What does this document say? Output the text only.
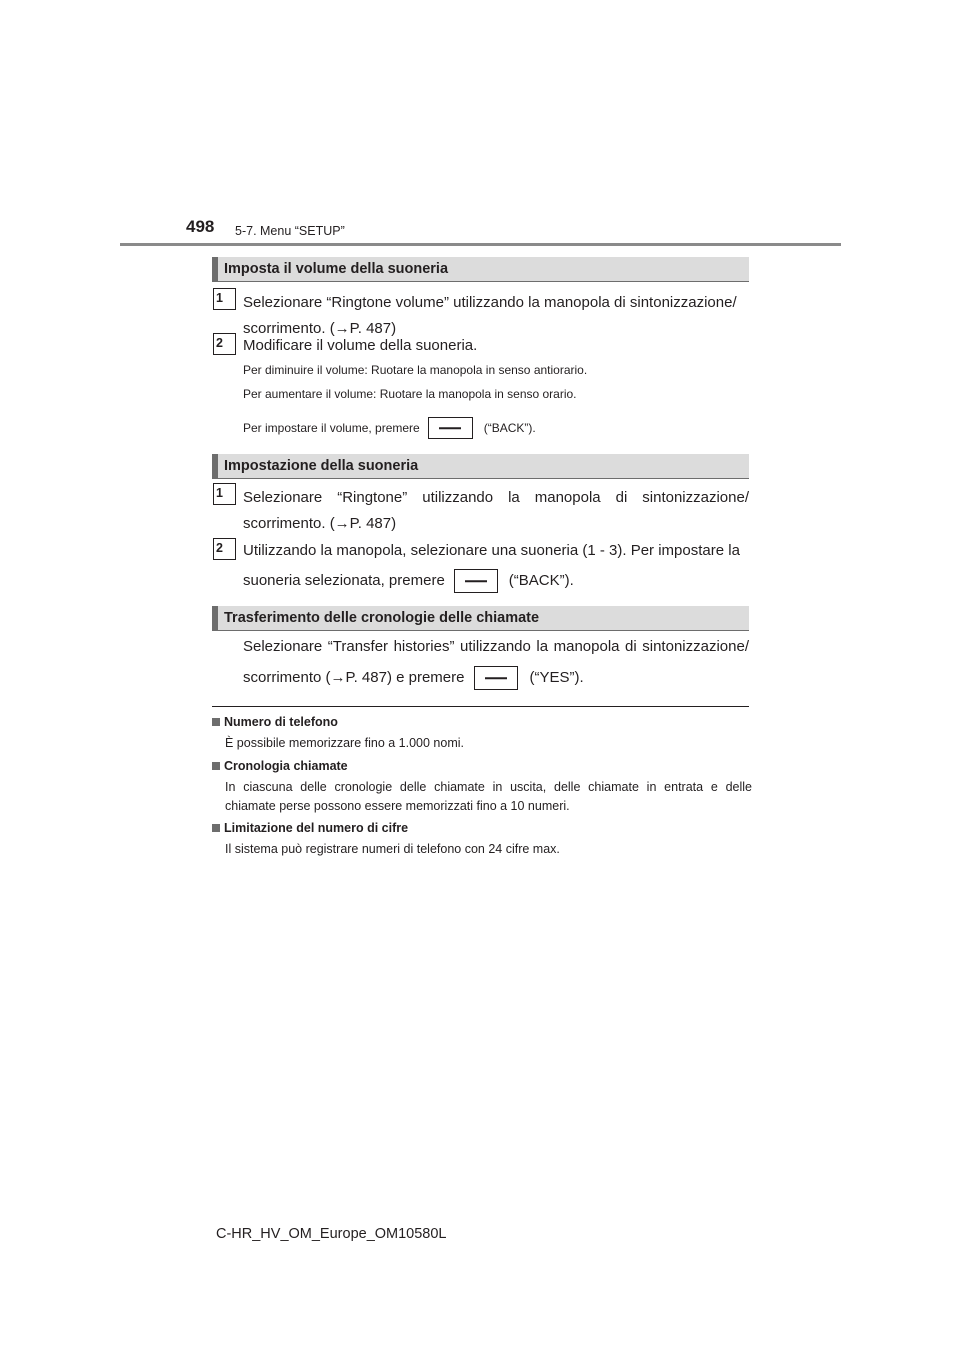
498 5-7. Menu “SETUP”
Imposta il volume della suoneria
1 Selezionare “Ringtone volume” utilizzando la manopola di sintonizzazione/
scorrimento. (→P. 487)
2 Modificare il volume della suoneria.
Per diminuire il volume: Ruotare la manopola in senso antiorario.
Per aumentare il volume: Ruotare la manopola in senso orario.
Per impostare il volume, premere	(“BACK”).
Impostazione della suoneria
1 Selezionare “Ringtone” utilizzando la manopola di sintonizzazione/
scorrimento. (→P. 487)
2 Utilizzando la manopola, selezionare una suoneria (1 - 3). Per impostare la
suoneria selezionata, premere	(“BACK”).
Trasferimento delle cronologie delle chiamate
Selezionare “Transfer histories” utilizzando la manopola di sintonizzazione/
scorrimento (→P. 487) e premere	(“YES”).
Numero di telefono
È possibile memorizzare fino a 1.000 nomi.
Cronologia chiamate
In ciascuna delle cronologie delle chiamate in uscita, delle chiamate in entrata e delle
chiamate perse possono essere memorizzati fino a 10 numeri.
Limitazione del numero di cifre
Il sistema può registrare numeri di telefono con 24 cifre max.
C-HR_HV_OM_Europe_OM10580L
